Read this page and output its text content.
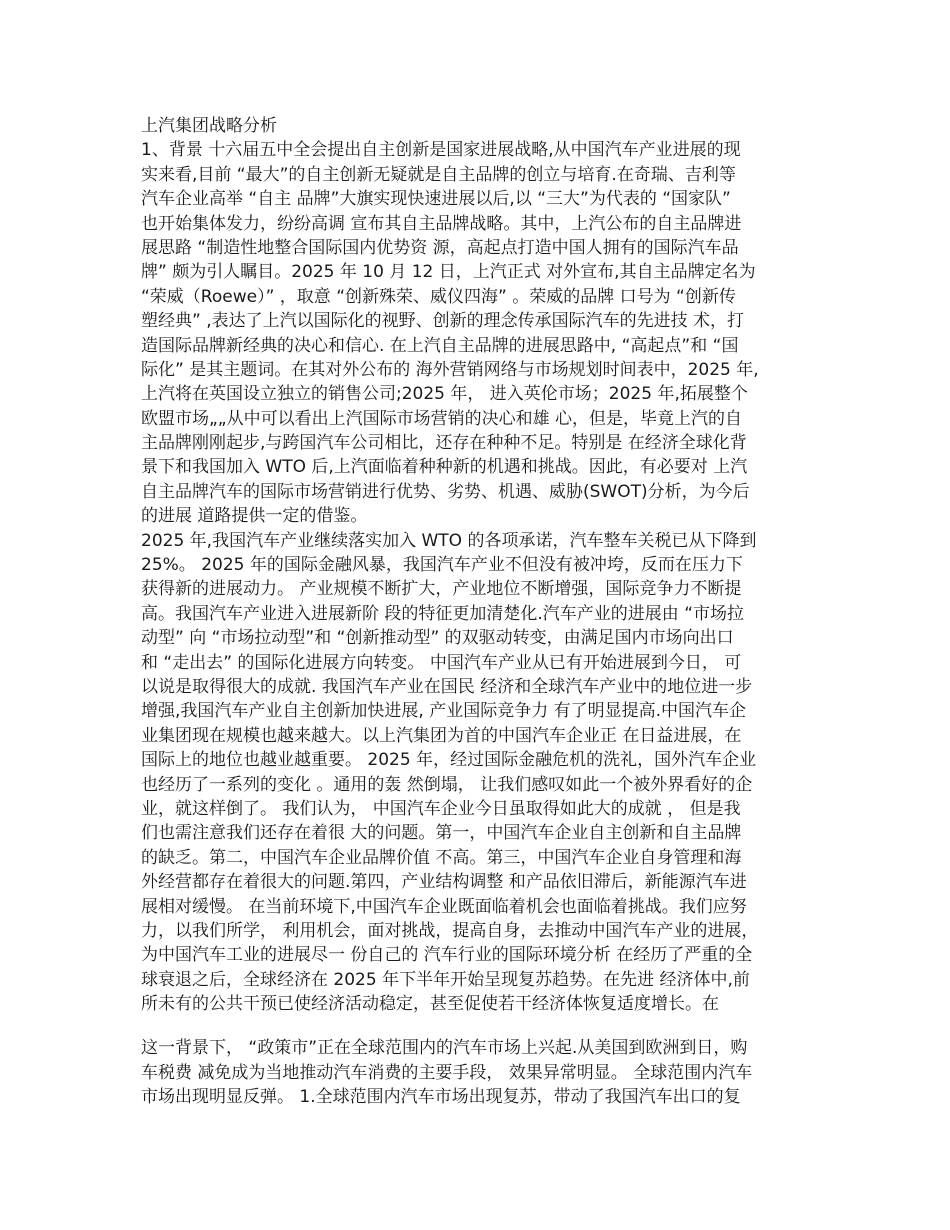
上汽集团战略分析
1、背景 十六届五中全会提出自主创新是国家进展战略,从中国汽车产业进展的现
实来看,目前 “最大”的自主创新无疑就是自主品牌的创立与培育.在奇瑞、吉利等
汽车企业高举 “自主 品牌”大旗实现快速进展以后,以 “三大”为代表的 “国家队”
也开始集体发力，纷纷高调 宣布其自主品牌战略。其中，上汽公布的自主品牌进
展思路 “制造性地整合国际国内优势资 源，高起点打造中国人拥有的国际汽车品
牌” 颇为引人瞩目。2025 年 10 月 12 日，上汽正式 对外宣布,其自主品牌定名为
“荣威（Roewe）” ，取意 “创新殊荣、威仪四海” 。荣威的品牌 口号为 “创新传
塑经典” ,表达了上汽以国际化的视野、创新的理念传承国际汽车的先进技 术，打
造国际品牌新经典的决心和信心. 在上汽自主品牌的进展思路中, “高起点”和 “国
际化” 是其主题词。在其对外公布的 海外营销网络与市场规划时间表中，2025 年,
上汽将在英国设立独立的销售公司;2025 年， 进入英伦市场；2025 年,拓展整个
欧盟市场„„从中可以看出上汽国际市场营销的决心和雄 心，但是，毕竟上汽的自
主品牌刚刚起步,与跨国汽车公司相比，还存在种种不足。特别是 在经济全球化背
景下和我国加入 WTO 后,上汽面临着种种新的机遇和挑战。因此，有必要对 上汽
自主品牌汽车的国际市场营销进行优势、劣势、机遇、威胁(SWOT)分析，为今后
的进展 道路提供一定的借鉴。
2025 年,我国汽车产业继续落实加入 WTO 的各项承诺，汽车整车关税已从下降到
25%。 2025 年的国际金融风暴，我国汽车产业不但没有被冲垮，反而在压力下
获得新的进展动力。 产业规模不断扩大，产业地位不断增强，国际竞争力不断提
高。我国汽车产业进入进展新阶 段的特征更加清楚化.汽车产业的进展由 “市场拉
动型” 向 “市场拉动型”和 “创新推动型” 的双驱动转变，由满足国内市场向出口
和 “走出去” 的国际化进展方向转变。 中国汽车产业从已有开始进展到今日， 可
以说是取得很大的成就. 我国汽车产业在国民 经济和全球汽车产业中的地位进一步
增强,我国汽车产业自主创新加快进展, 产业国际竞争力 有了明显提高.中国汽车企
业集团现在规模也越来越大。以上汽集团为首的中国汽车企业正 在日益进展，在
国际上的地位也越业越重要。 2025 年，经过国际金融危机的洗礼，国外汽车企业
也经历了一系列的变化 。通用的轰 然倒塌， 让我们感叹如此一个被外界看好的企
业，就这样倒了。 我们认为， 中国汽车企业今日虽取得如此大的成就 ， 但是我
们也需注意我们还存在着很 大的问题。第一，中国汽车企业自主创新和自主品牌
的缺乏。第二，中国汽车企业品牌价值 不高。第三，中国汽车企业自身管理和海
外经营都存在着很大的问题.第四，产业结构调整 和产品依旧滞后，新能源汽车进
展相对缓慢。 在当前环境下,中国汽车企业既面临着机会也面临着挑战。我们应努
力，以我们所学， 利用机会，面对挑战，提高自身，去推动中国汽车产业的进展，
为中国汽车工业的进展尽一 份自己的 汽车行业的国际环境分析 在经历了严重的全
球衰退之后，全球经济在 2025 年下半年开始呈现复苏趋势。在先进 经济体中,前
所未有的公共干预已使经济活动稳定，甚至促使若干经济体恢复适度增长。在
这一背景下， “政策市”正在全球范围内的汽车市场上兴起.从美国到欧洲到日，购
车税费 减免成为当地推动汽车消费的主要手段， 效果异常明显。 全球范围内汽车
市场出现明显反弹。 1.全球范围内汽车市场出现复苏，带动了我国汽车出口的复
